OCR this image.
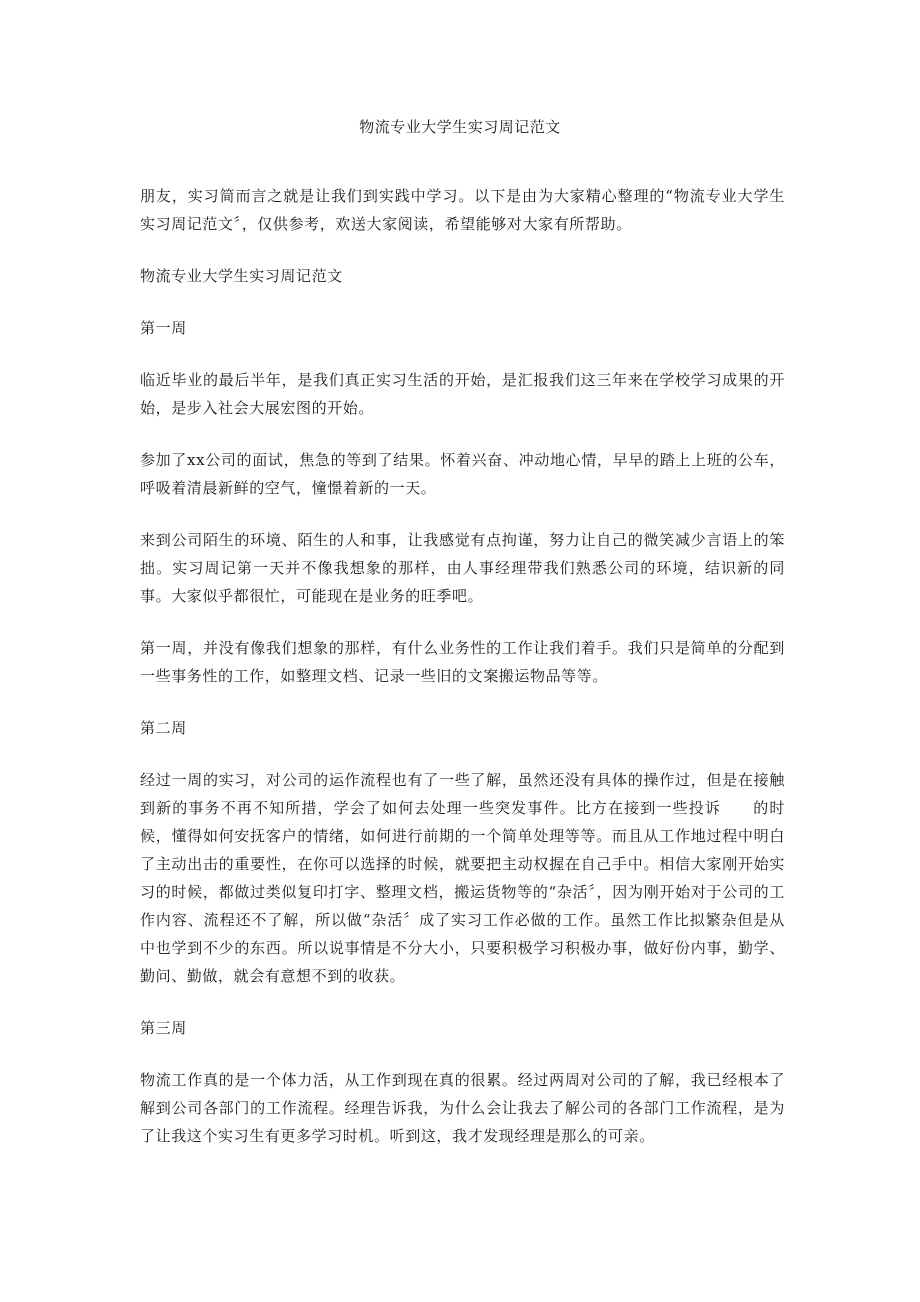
物流专业大学生实习周记范文

朋友，实习简而言之就是让我们到实践中学习。以下是由为大家精心整理的“物流专业大学生实习周记范文〞，仅供参考，欢送大家阅读，希望能够对大家有所帮助。

物流专业大学生实习周记范文

第一周

临近毕业的最后半年，是我们真正实习生活的开始，是汇报我们这三年来在学校学习成果的开始，是步入社会大展宏图的开始。

参加了xx公司的面试，焦急的等到了结果。怀着兴奋、冲动地心情，早早的踏上上班的公车，呼吸着清晨新鲜的空气，憧憬着新的一天。

来到公司陌生的环境、陌生的人和事，让我感觉有点拘谨，努力让自己的微笑减少言语上的笨拙。实习周记第一天并不像我想象的那样，由人事经理带我们熟悉公司的环境，结识新的同事。大家似乎都很忙，可能现在是业务的旺季吧。

第一周，并没有像我们想象的那样，有什么业务性的工作让我们着手。我们只是简单的分配到一些事务性的工作，如整理文档、记录一些旧的文案搬运物品等等。

第二周

经过一周的实习，对公司的运作流程也有了一些了解，虽然还没有具体的操作过，但是在接触到新的事务不再不知所措，学会了如何去处理一些突发事件。比方在接到一些投诉　　的时候，懂得如何安抚客户的情绪，如何进行前期的一个简单处理等等。而且从工作地过程中明白了主动出击的重要性，在你可以选择的时候，就要把主动权握在自己手中。相信大家刚开始实习的时候，都做过类似复印打字、整理文档，搬运货物等的“杂活〞，因为刚开始对于公司的工作内容、流程还不了解，所以做“杂活〞成了实习工作必做的工作。虽然工作比拟繁杂但是从中也学到不少的东西。所以说事情是不分大小，只要积极学习积极办事，做好份内事，勤学、勤问、勤做，就会有意想不到的收获。

第三周

物流工作真的是一个体力活，从工作到现在真的很累。经过两周对公司的了解，我已经根本了解到公司各部门的工作流程。经理告诉我，为什么会让我去了解公司的各部门工作流程，是为了让我这个实习生有更多学习时机。听到这，我才发现经理是那么的可亲。
